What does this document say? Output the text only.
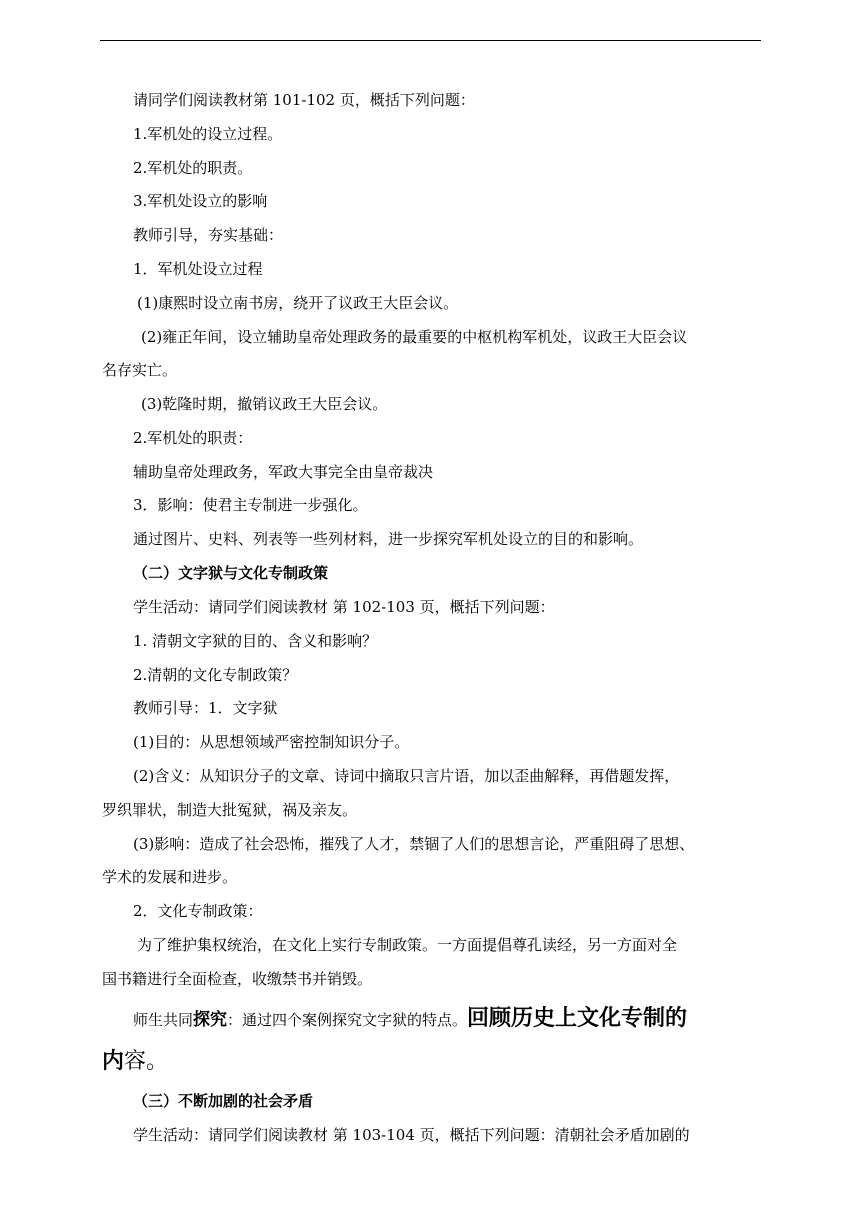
请同学们阅读教材第 101-102 页，概括下列问题：
1.军机处的设立过程。
2.军机处的职责。
3.军机处设立的影响
教师引导，夯实基础：
1．军机处设立过程
(1)康熙时设立南书房，绕开了议政王大臣会议。
(2)雍正年间，设立辅助皇帝处理政务的最重要的中枢机构军机处，议政王大臣会议
名存实亡。
(3)乾隆时期，撤销议政王大臣会议。
2.军机处的职责：
辅助皇帝处理政务，军政大事完全由皇帝裁决
3．影响：使君主专制进一步强化。
通过图片、史料、列表等一些列材料，进一步探究军机处设立的目的和影响。
（二）文字狱与文化专制政策
学生活动：请同学们阅读教材 第 102-103 页，概括下列问题：
1. 清朝文字狱的目的、含义和影响？
2.清朝的文化专制政策？
教师引导：1．文字狱
(1)目的：从思想领域严密控制知识分子。
(2)含义：从知识分子的文章、诗词中摘取只言片语，加以歪曲解释，再借题发挥，
罗织罪状，制造大批冤狱，祸及亲友。
(3)影响：造成了社会恐怖，摧残了人才，禁锢了人们的思想言论，严重阻碍了思想、
学术的发展和进步。
2．文化专制政策：
为了维护集权统治，在文化上实行专制政策。一方面提倡尊孔读经，另一方面对全
国书籍进行全面检查，收缴禁书并销毁。
师生共同探究：通过四个案例探究文字狱的特点。回顾历史上文化专制的
内容。
（三）不断加剧的社会矛盾
学生活动：请同学们阅读教材 第 103-104 页，概括下列问题：清朝社会矛盾加剧的
